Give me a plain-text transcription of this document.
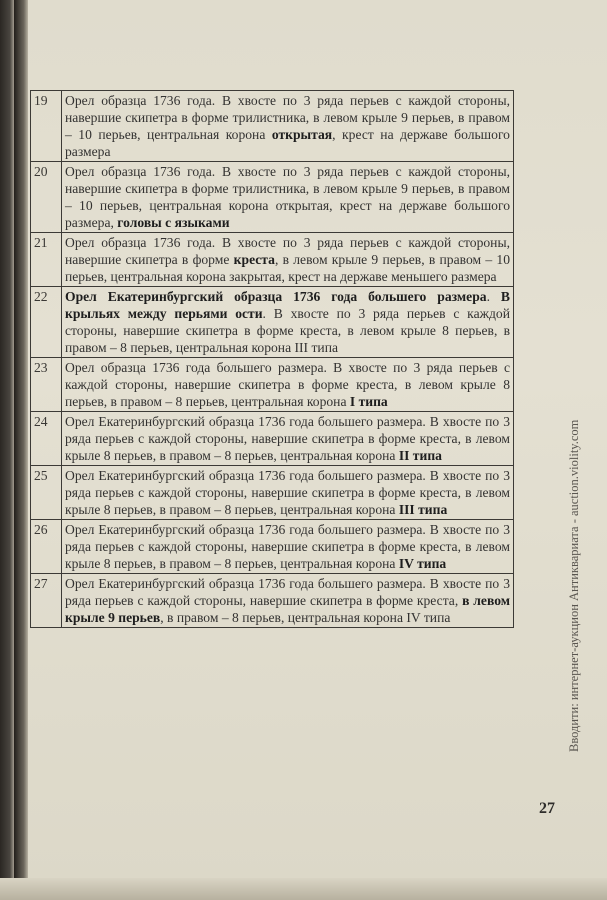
19	Орел образца 1736 года. В хвосте по 3 ряда перьев с каждой стороны, навершие скипетра в форме трилистника, в левом крыле 9 перьев, в правом – 10 перьев, центральная корона открытая, крест на державе большого размера
20	Орел образца 1736 года. В хвосте по 3 ряда перьев с каждой стороны, навершие скипетра в форме трилистника, в левом крыле 9 перьев, в правом – 10 перьев, центральная корона открытая, крест на державе большого размера, головы с языками
21	Орел образца 1736 года. В хвосте по 3 ряда перьев с каждой стороны, навершие скипетра в форме креста, в левом крыле 9 перьев, в правом – 10 перьев, центральная корона закрытая, крест на державе меньшего размера
22	Орел Екатеринбургский образца 1736 года большего размера. В крыльях между перьями ости. В хвосте по 3 ряда перьев с каждой стороны, навершие скипетра в форме креста, в левом крыле 8 перьев, в правом – 8 перьев, центральная корона III типа
23	Орел образца 1736 года большего размера. В хвосте по 3 ряда перьев с каждой стороны, навершие скипетра в форме креста, в левом крыле 8 перьев, в правом – 8 перьев, центральная корона I типа
24	Орел Екатеринбургский образца 1736 года большего размера. В хвосте по 3 ряда перьев с каждой стороны, навершие скипетра в форме креста, в левом крыле 8 перьев, в правом – 8 перьев, центральная корона II типа
25	Орел Екатеринбургский образца 1736 года большего размера. В хвосте по 3 ряда перьев с каждой стороны, навершие скипетра в форме креста, в левом крыле 8 перьев, в правом – 8 перьев, центральная корона III типа
26	Орел Екатеринбургский образца 1736 года большего размера. В хвосте по 3 ряда перьев с каждой стороны, навершие скипетра в форме креста, в левом крыле 8 перьев, в правом – 8 перьев, центральная корона IV типа
27	Орел Екатеринбургский образца 1736 года большего размера. В хвосте по 3 ряда перьев с каждой стороны, навершие скипетра в форме креста, в левом крыле 9 перьев, в правом – 8 перьев, центральная корона IV типа	Вводити: интернет-аукцион Антиквариата - auction.violity.com
27
